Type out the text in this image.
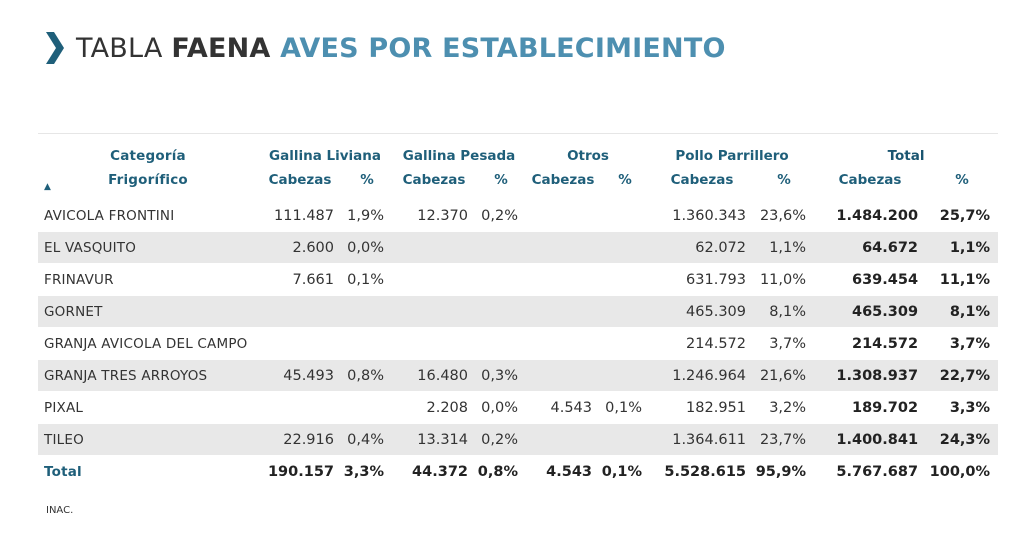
TABLA FAENA AVES POR ESTABLECIMIENTO
Categoría	Gallina Liviana		Gallina Pesada		Otros		Pollo Parrillero		Total	
Frigorífico
▲	Cabezas	%	Cabezas	%	Cabezas	%	Cabezas	%	Cabezas	%
AVICOLA FRONTINI	111.487	1,9%	12.370	0,2%			1.360.343	23,6%	1.484.200	25,7%
EL VASQUITO	2.600	0,0%					62.072	1,1%	64.672	1,1%
FRINAVUR	7.661	0,1%					631.793	11,0%	639.454	11,1%
GORNET							465.309	8,1%	465.309	8,1%
GRANJA AVICOLA DEL CAMPO							214.572	3,7%	214.572	3,7%
GRANJA TRES ARROYOS	45.493	0,8%	16.480	0,3%			1.246.964	21,6%	1.308.937	22,7%
PIXAL			2.208	0,0%	4.543	0,1%	182.951	3,2%	189.702	3,3%
TILEO	22.916	0,4%	13.314	0,2%			1.364.611	23,7%	1.400.841	24,3%
Total	190.157	3,3%	44.372	0,8%	4.543	0,1%	5.528.615	95,9%	5.767.687	100,0%
INAC.
